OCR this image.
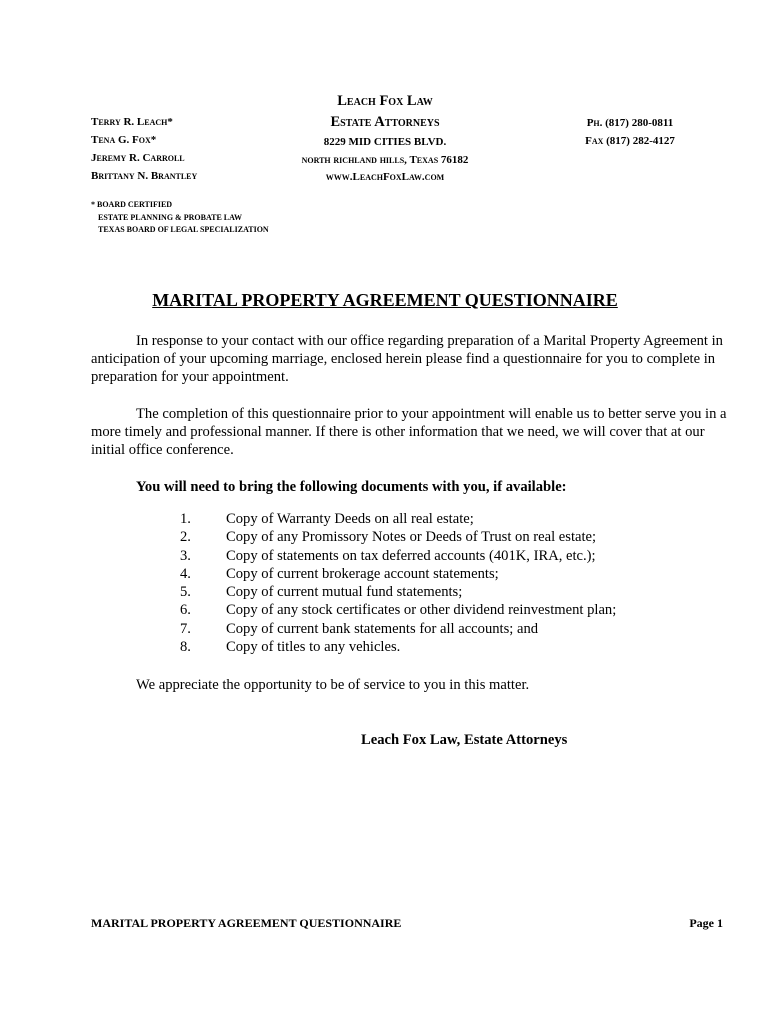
Terry R. Leach*
Tena G. Fox*
Jeremy R. Carroll
Brittany N. Brantley
Leach Fox Law
Estate Attorneys
8229 MID CITIES BLVD.
north richland hills, Texas 76182
www.LeachFoxLaw.com
Ph. (817) 280-0811
Fax (817) 282-4127
* BOARD CERTIFIED
ESTATE PLANNING & PROBATE LAW
TEXAS BOARD OF LEGAL SPECIALIZATION
MARITAL PROPERTY AGREEMENT QUESTIONNAIRE

In response to your contact with our office regarding preparation of a Marital Property Agreement in anticipation of your upcoming marriage, enclosed herein please find a questionnaire for you to complete in preparation for your appointment.

The completion of this questionnaire prior to your appointment will enable us to better serve you in a more timely and professional manner. If there is other information that we need, we will cover that at our initial office conference.

You will need to bring the following documents with you, if available:
1.	Copy of Warranty Deeds on all real estate;
2.	Copy of any Promissory Notes or Deeds of Trust on real estate;
3.	Copy of statements on tax deferred accounts (401K, IRA, etc.);
4.	Copy of current brokerage account statements;
5.	Copy of current mutual fund statements;
6.	Copy of any stock certificates or other dividend reinvestment plan;
7.	Copy of current bank statements for all accounts; and
8.	Copy of titles to any vehicles.
We appreciate the opportunity to be of service to you in this matter.
Leach Fox Law, Estate Attorneys
MARITAL PROPERTY AGREEMENT QUESTIONNAIRE	Page 1
